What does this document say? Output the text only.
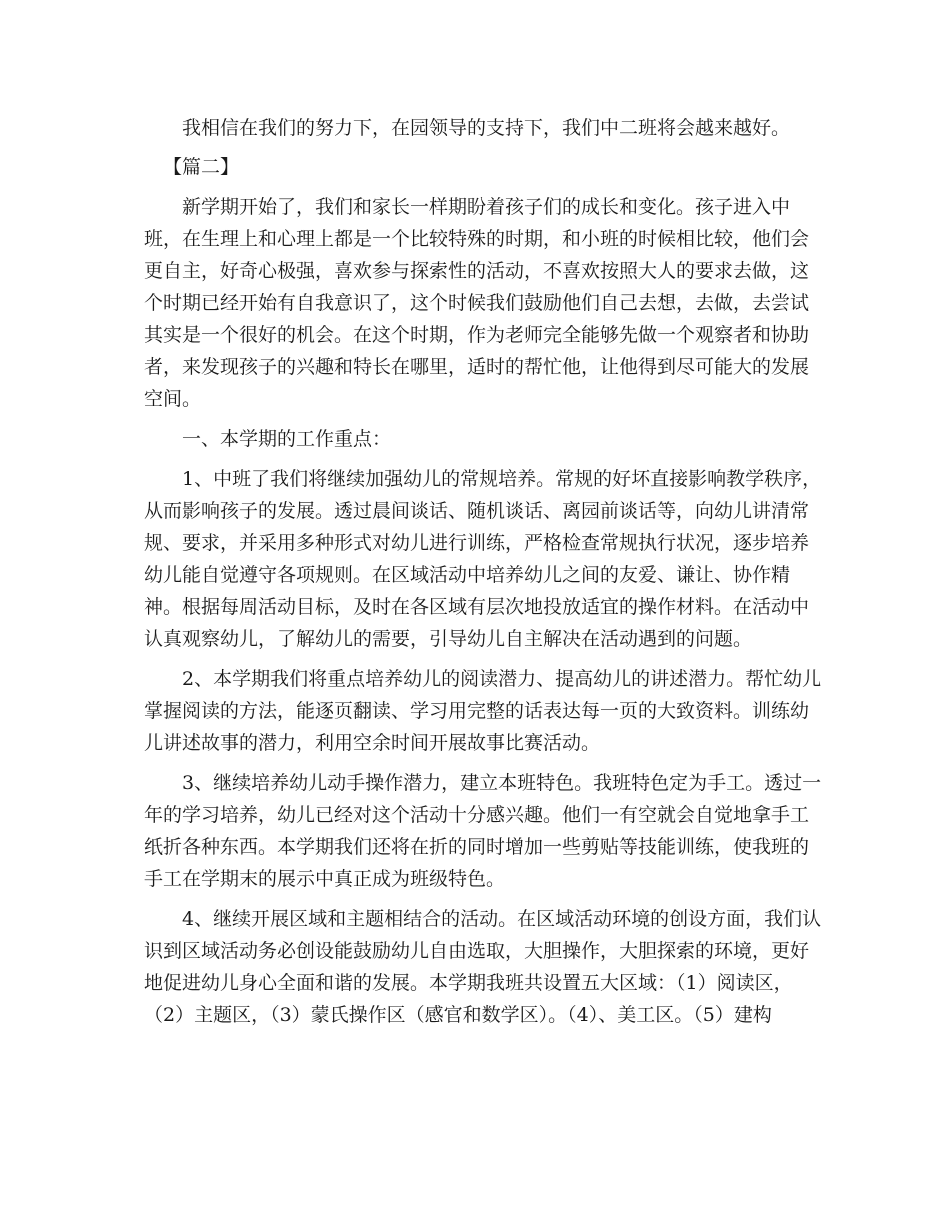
我相信在我们的努力下，在园领导的支持下，我们中二班将会越来越好。
【篇二】
新学期开始了，我们和家长一样期盼着孩子们的成长和变化。孩子进入中
班，在生理上和心理上都是一个比较特殊的时期，和小班的时候相比较，他们会
更自主，好奇心极强，喜欢参与探索性的活动，不喜欢按照大人的要求去做，这
个时期已经开始有自我意识了，这个时候我们鼓励他们自己去想，去做，去尝试
其实是一个很好的机会。在这个时期，作为老师完全能够先做一个观察者和协助
者，来发现孩子的兴趣和特长在哪里，适时的帮忙他，让他得到尽可能大的发展
空间。
一、本学期的工作重点：
1、中班了我们将继续加强幼儿的常规培养。常规的好坏直接影响教学秩序，
从而影响孩子的发展。透过晨间谈话、随机谈话、离园前谈话等，向幼儿讲清常
规、要求，并采用多种形式对幼儿进行训练，严格检查常规执行状况，逐步培养
幼儿能自觉遵守各项规则。在区域活动中培养幼儿之间的友爱、谦让、协作精
神。根据每周活动目标，及时在各区域有层次地投放适宜的操作材料。在活动中
认真观察幼儿，了解幼儿的需要，引导幼儿自主解决在活动遇到的问题。
2、本学期我们将重点培养幼儿的阅读潜力、提高幼儿的讲述潜力。帮忙幼儿
掌握阅读的方法，能逐页翻读、学习用完整的话表达每一页的大致资料。训练幼
儿讲述故事的潜力，利用空余时间开展故事比赛活动。
3、继续培养幼儿动手操作潜力，建立本班特色。我班特色定为手工。透过一
年的学习培养，幼儿已经对这个活动十分感兴趣。他们一有空就会自觉地拿手工
纸折各种东西。本学期我们还将在折的同时增加一些剪贴等技能训练，使我班的
手工在学期末的展示中真正成为班级特色。
4、继续开展区域和主题相结合的活动。在区域活动环境的创设方面，我们认
识到区域活动务必创设能鼓励幼儿自由选取，大胆操作，大胆探索的环境，更好
地促进幼儿身心全面和谐的发展。本学期我班共设置五大区域：（1）阅读区，
（2）主题区，（3）蒙氏操作区（感官和数学区）。（4）、美工区。（5）建构
